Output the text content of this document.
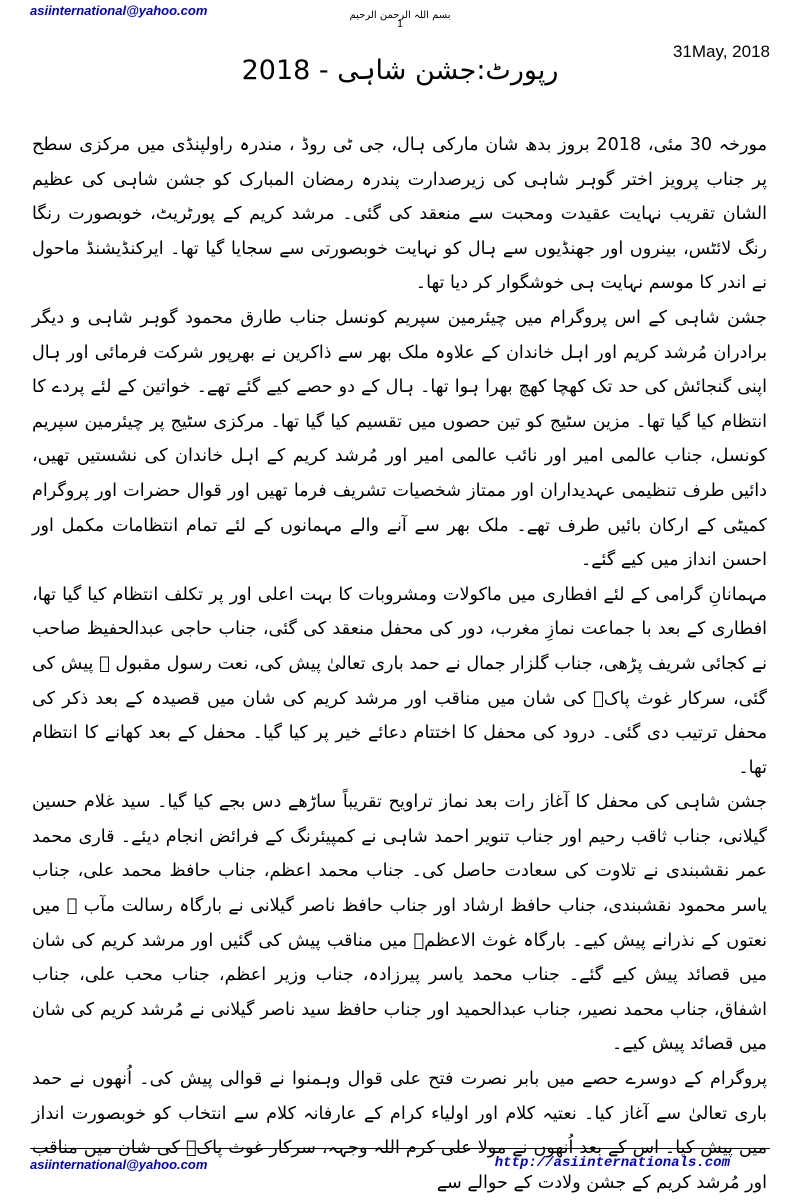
asiinternational@yahoo.com	بسم اللہ الرحمن الرحیم
1
31May, 2018
رپورٹ:جشن شاہی - 2018

مورخہ 30 مئی، 2018 بروز بدھ شان مارکی ہال، جی ٹی روڈ ، مندرہ راولپنڈی میں مرکزی سطح پر جناب پرویز اختر گوہر شاہی کی زیرصدارت پندرہ رمضان المبارک کو جشن شاہی کی عظیم الشان تقریب نہایت عقیدت ومحبت سے منعقد کی گئی۔ مرشد کریم کے پورٹریٹ، خوبصورت رنگا رنگ لائٹس، بینروں اور جھنڈیوں سے ہال کو نہایت خوبصورتی سے سجایا گیا تھا۔ ایرکنڈیشنڈ ماحول نے اندر کا موسم نہایت ہی خوشگوار کر دیا تھا۔

جشن شاہی کے اس پروگرام میں چیئرمین سپریم کونسل جناب طارق محمود گوہر شاہی و دیگر برادران مُرشد کریم اور اہل خاندان کے علاوہ ملک بھر سے ذاکرین نے بھرپور شرکت فرمائی اور ہال اپنی گنجائش کی حد تک کھچا کھچ بھرا ہوا تھا۔ ہال کے دو حصے کیے گئے تھے۔ خواتین کے لئے پردے کا انتظام کیا گیا تھا۔ مزین سٹیج کو تین حصوں میں تقسیم کیا گیا تھا۔ مرکزی سٹیج پر چیئرمین سپریم کونسل، جناب عالمی امیر اور نائب عالمی امیر اور مُرشد کریم کے اہل خاندان کی نشستیں تھیں، دائیں طرف تنظیمی عہدیداران اور ممتاز شخصیات تشریف فرما تھیں اور قوال حضرات اور پروگرام کمیٹی کے ارکان بائیں طرف تھے۔ ملک بھر سے آنے والے مہمانوں کے لئے تمام انتظامات مکمل اور احسن انداز میں کیے گئے۔

مہمانانِ گرامی کے لئے افطاری میں ماکولات ومشروبات کا بہت اعلی اور پر تکلف انتظام کیا گیا تھا، افطاری کے بعد با جماعت نمازِ مغرب، دور کی محفل منعقد کی گئی، جناب حاجی عبدالحفیظ صاحب نے کجائی شریف پڑھی، جناب گلزار جمال نے حمد باری تعالیٰ پیش کی، نعت رسول مقبول ﷺ پیش کی گئی، سرکار غوث پاکؓ کی شان میں مناقب اور مرشد کریم کی شان میں قصیدہ کے بعد ذکر کی محفل ترتیب دی گئی۔ درود کی محفل کا اختتام دعائے خیر پر کیا گیا۔ محفل کے بعد کھانے کا انتظام تھا۔

جشن شاہی کی محفل کا آغاز رات بعد نماز تراویح تقریباً ساڑھے دس بجے کیا گیا۔ سید غلام حسین گیلانی، جناب ثاقب رحیم اور جناب تنویر احمد شاہی نے کمپیئرنگ کے فرائض انجام دیئے۔ قاری محمد عمر نقشبندی نے تلاوت کی سعادت حاصل کی۔ جناب محمد اعظم، جناب حافظ محمد علی، جناب یاسر محمود نقشبندی، جناب حافظ ارشاد اور جناب حافظ ناصر گیلانی نے بارگاہ رسالت مآب ﷺ میں نعتوں کے نذرانے پیش کیے۔ بارگاہ غوث الاعظمؓ میں مناقب پیش کی گئیں اور مرشد کریم کی شان میں قصائد پیش کیے گئے۔ جناب محمد یاسر پیرزادہ، جناب وزیر اعظم، جناب محب علی، جناب اشفاق، جناب محمد نصیر، جناب عبدالحمید اور جناب حافظ سید ناصر گیلانی نے مُرشد کریم کی شان میں قصائد پیش کیے۔

پروگرام کے دوسرے حصے میں بابر نصرت فتح علی قوال وہمنوا نے قوالی پیش کی۔ اُنھوں نے حمد باری تعالیٰ سے آغاز کیا۔ نعتیہ کلام اور اولیاء کرام کے عارفانہ کلام سے انتخاب کو خوبصورت انداز میں پیش کیا۔ اس کے بعد اُنھوں نے مولا علی کرم اللہ وجہہ، سرکار غوث پاکؓ کی شان میں مناقب اور مُرشد کریم کے جشن ولادت کے حوالے سے

asiinternational@yahoo.com	http://asiinternationals.com
